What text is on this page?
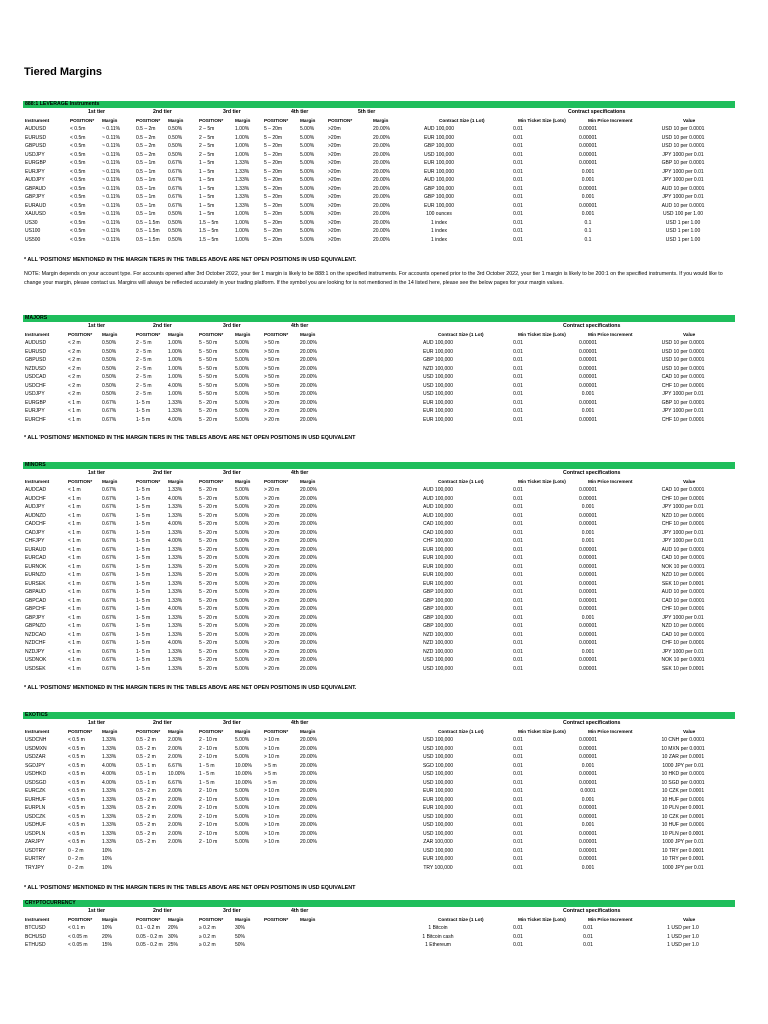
Tiered Margins
888:1 LEVERAGE Instruments
1st tier	2nd tier	3rd tier	4th tier	5th tier	Contract specifications
Instrument	POSITION* Margin	POSITION* Margin	POSITION*	Margin	POSITION*	Margin	POSITION*	Margin	Contract Size (1 Lot)	Min Ticket Size (Lots)	Min Price Increment	Value
AUDUSD	< 0.5m	~ 0.11%	0.5 – 2m	0.50%	2 – 5m	1.00%	5 – 20m	5.00%	>20m	20.00%	AUD 100,000	0.01	0.00001	USD 10 per 0.0001
EURUSD	< 0.5m	~ 0.11%	0.5 – 2m	0.50%	2 – 5m	1.00%	5 – 20m	5.00%	>20m	20.00%	EUR 100,000	0.01	0.00001	USD 10 per 0.0001
GBPUSD	< 0.5m	~ 0.11%	0.5 – 2m	0.50%	2 – 5m	1.00%	5 – 20m	5.00%	>20m	20.00%	GBP 100,000	0.01	0.00001	USD 10 per 0.0001
USDJPY	< 0.5m	~ 0.11%	0.5 – 2m	0.50%	2 – 5m	1.00%	5 – 20m	5.00%	>20m	20.00%	USD 100,000	0.01	0.00001	JPY 1000 per 0.01
EURGBP	< 0.5m	~ 0.11%	0.5 – 1m	0.67%	1 – 5m	1.33%	5 – 20m	5.00%	>20m	20.00%	EUR 100,000	0.01	0.00001	GBP 10 per 0.0001
EURJPY	< 0.5m	~ 0.11%	0.5 – 1m	0.67%	1 – 5m	1.33%	5 – 20m	5.00%	>20m	20.00%	EUR 100,000	0.01	0.001	JPY 1000 per 0.01
AUDJPY	< 0.5m	~ 0.11%	0.5 – 1m	0.67%	1 – 5m	1.33%	5 – 20m	5.00%	>20m	20.00%	AUD 100,000	0.01	0.001	JPY 1000 per 0.01
GBPAUD	< 0.5m	~ 0.11%	0.5 – 1m	0.67%	1 – 5m	1.33%	5 – 20m	5.00%	>20m	20.00%	GBP 100,000	0.01	0.00001	AUD 10 per 0.0001
GBPJPY	< 0.5m	~ 0.11%	0.5 – 1m	0.67%	1 – 5m	1.33%	5 – 20m	5.00%	>20m	20.00%	GBP 100,000	0.01	0.001	JPY 1000 per 0.01
EURAUD	< 0.5m	~ 0.11%	0.5 – 1m	0.67%	1 – 5m	1.33%	5 – 20m	5.00%	>20m	20.00%	EUR 100,000	0.01	0.00001	AUD 10 per 0.0001
XAUUSD	< 0.5m	~ 0.11%	0.5 – 1m	0.50%	1 – 5m	1.00%	5 – 20m	5.00%	>20m	20.00%	100 ounces	0.01	0.001	USD 100 per 1.00
US30	< 0.5m	~ 0.11%	0.5 – 1.5m 0.50%	1.5 – 5m	1.00%	5 – 20m	5.00%	>20m	20.00%	1 index	0.01	0.1	USD 1 per 1.00
US100	< 0.5m	~ 0.11%	0.5 – 1.5m 0.50%	1.5 – 5m	1.00%	5 – 20m	5.00%	>20m	20.00%	1 index	0.01	0.1	USD 1 per 1.00
US500	< 0.5m	~ 0.11%	0.5 – 1.5m 0.50%	1.5 – 5m	1.00%	5 – 20m	5.00%	>20m	20.00%	1 index	0.01	0.1	USD 1 per 1.00
* ALL 'POSITIONS' MENTIONED IN THE MARGIN TIERS IN THE TABLES ABOVE ARE NET OPEN POSITIONS IN USD EQUIVALENT.
MAJORS
1st tier	2nd tier	3rd tier	4th tier	Contract specifications
Instrument	POSITION* Margin	POSITION* Margin	POSITION*	Margin	POSITION*	Margin	Contract Size (1 Lot)	Min Ticket Size (Lots)	Min Price Increment	Value
AUDUSD	< 2 m	0.50%	2 - 5 m	1.00%	5 - 50 m	5.00%	> 50 m	20.00%	AUD 100,000	0.01	0.00001	USD 10 per 0.0001
EURUSD	< 2 m	0.50%	2 - 5 m	1.00%	5 - 50 m	5.00%	> 50 m	20.00%	EUR 100,000	0.01	0.00001	USD 10 per 0.0001
GBPUSD	< 2 m	0.50%	2 - 5 m	1.00%	5 - 50 m	5.00%	> 50 m	20.00%	GBP 100,000	0.01	0.00001	USD 10 per 0.0001
NZDUSD	< 2 m	0.50%	2 - 5 m	1.00%	5 - 50 m	5.00%	> 50 m	20.00%	NZD 100,000	0.01	0.00001	USD 10 per 0.0001
USDCAD	< 2 m	0.50%	2 - 5 m	1.00%	5 - 50 m	5.00%	> 50 m	20.00%	USD 100,000	0.01	0.00001	CAD 10 per 0.0001
USDCHF	< 2 m	0.50%	2 - 5 m	4.00%	5 - 50 m	5.00%	> 50 m	20.00%	USD 100,000	0.01	0.00001	CHF 10 per 0.0001
USDJPY	< 2 m	0.50%	2 - 5 m	1.00%	5 - 50 m	5.00%	> 50 m	20.00%	USD 100,000	0.01	0.001	JPY 1000 per 0.01
EURGBP	< 1 m	0.67%	1- 5 m	1.33%	5 - 20 m	5.00%	> 20 m	20.00%	EUR 100,000	0.01	0.00001	GBP 10 per 0.0001
EURJPY	< 1 m	0.67%	1- 5 m	1.33%	5 - 20 m	5.00%	> 20 m	20.00%	EUR 100,000	0.01	0.001	JPY 1000 per 0.01
EURCHF	< 1 m	0.67%	1- 5 m	4.00%	5 - 20 m	5.00%	> 20 m	20.00%	EUR 100,000	0.01	0.00001	CHF 10 per 0.0001
* ALL 'POSITIONS' MENTIONED IN THE MARGIN TIERS IN THE TABLES ABOVE ARE NET OPEN POSITIONS IN USD EQUIVALENT
MINORS
1st tier	2nd tier	3rd tier	4th tier	Contract specifications
Instrument	POSITION* Margin	POSITION* Margin	POSITION*	Margin	POSITION*	Margin	Contract Size (1 Lot)	Min Ticket Size (Lots)	Min Price Increment	Value
AUDCAD	< 1 m	0.67%	1- 5 m	1.33%	5 - 20 m	5.00%	> 20 m	20.00%	AUD 100,000	0.01	0.00001	CAD 10 per 0.0001
AUDCHF	< 1 m	0.67%	1- 5 m	4.00%	5 - 20 m	5.00%	> 20 m	20.00%	AUD 100,000	0.01	0.00001	CHF 10 per 0.0001
AUDJPY	< 1 m	0.67%	1- 5 m	1.33%	5 - 20 m	5.00%	> 20 m	20.00%	AUD 100,000	0.01	0.001	JPY 1000 per 0.01
AUDNZD	< 1 m	0.67%	1- 5 m	1.33%	5 - 20 m	5.00%	> 20 m	20.00%	AUD 100,000	0.01	0.00001	NZD 10 per 0.0001
CADCHF	< 1 m	0.67%	1- 5 m	4.00%	5 - 20 m	5.00%	> 20 m	20.00%	CAD 100,000	0.01	0.00001	CHF 10 per 0.0001
CADJPY	< 1 m	0.67%	1- 5 m	1.33%	5 - 20 m	5.00%	> 20 m	20.00%	CAD 100,000	0.01	0.001	JPY 1000 per 0.01
CHFJPY	< 1 m	0.67%	1- 5 m	4.00%	5 - 20 m	5.00%	> 20 m	20.00%	CHF 100,000	0.01	0.001	JPY 1000 per 0.01
EURAUD	< 1 m	0.67%	1- 5 m	1.33%	5 - 20 m	5.00%	> 20 m	20.00%	EUR 100,000	0.01	0.00001	AUD 10 per 0.0001
EURCAD	< 1 m	0.67%	1- 5 m	1.33%	5 - 20 m	5.00%	> 20 m	20.00%	EUR 100,000	0.01	0.00001	CAD 10 per 0.0001
EURNOK	< 1 m	0.67%	1- 5 m	1.33%	5 - 20 m	5.00%	> 20 m	20.00%	EUR 100,000	0.01	0.00001	NOK 10 per 0.0001
EURNZD	< 1 m	0.67%	1- 5 m	1.33%	5 - 20 m	5.00%	> 20 m	20.00%	EUR 100,000	0.01	0.00001	NZD 10 per 0.0001
EURSEK	< 1 m	0.67%	1- 5 m	1.33%	5 - 20 m	5.00%	> 20 m	20.00%	EUR 100,000	0.01	0.00001	SEK 10 per 0.0001
GBPAUD	< 1 m	0.67%	1- 5 m	1.33%	5 - 20 m	5.00%	> 20 m	20.00%	GBP 100,000	0.01	0.00001	AUD 10 per 0.0001
GBPCAD	< 1 m	0.67%	1- 5 m	1.33%	5 - 20 m	5.00%	> 20 m	20.00%	GBP 100,000	0.01	0.00001	CAD 10 per 0.0001
GBPCHF	< 1 m	0.67%	1- 5 m	4.00%	5 - 20 m	5.00%	> 20 m	20.00%	GBP 100,000	0.01	0.00001	CHF 10 per 0.0001
GBPJPY	< 1 m	0.67%	1- 5 m	1.33%	5 - 20 m	5.00%	> 20 m	20.00%	GBP 100,000	0.01	0.001	JPY 1000 per 0.01
GBPNZD	< 1 m	0.67%	1- 5 m	1.33%	5 - 20 m	5.00%	> 20 m	20.00%	GBP 100,000	0.01	0.00001	NZD 10 per 0.0001
NZDCAD	< 1 m	0.67%	1- 5 m	1.33%	5 - 20 m	5.00%	> 20 m	20.00%	NZD 100,000	0.01	0.00001	CAD 10 per 0.0001
NZDCHF	< 1 m	0.67%	1- 5 m	4.00%	5 - 20 m	5.00%	> 20 m	20.00%	NZD 100,000	0.01	0.00001	CHF 10 per 0.0001
NZDJPY	< 1 m	0.67%	1- 5 m	1.33%	5 - 20 m	5.00%	> 20 m	20.00%	NZD 100,000	0.01	0.001	JPY 1000 per 0.01
USDNOK	< 1 m	0.67%	1- 5 m	1.33%	5 - 20 m	5.00%	> 20 m	20.00%	USD 100,000	0.01	0.00001	NOK 10 per 0.0001
USDSEK	< 1 m	0.67%	1- 5 m	1.33%	5 - 20 m	5.00%	> 20 m	20.00%	USD 100,000	0.01	0.00001	SEK 10 per 0.0001
* ALL 'POSITIONS' MENTIONED IN THE MARGIN TIERS IN THE TABLES ABOVE ARE NET OPEN POSITIONS IN USD EQUIVALENT.
EXOTICS
1st tier	2nd tier	3rd tier	4th tier	Contract specifications
Instrument	POSITION* Margin	POSITION* Margin	POSITION*	Margin	POSITION*	Margin	Contract Size (1 Lot)	Min Ticket Size (Lots)	Min Price Increment	Value
USDCNH	< 0.5 m	1.33%	0.5 - 2 m 2.00%	2 - 10 m	5.00%	> 10 m	20.00%	USD 100,000	0.01	0.00001	10 CNH per 0.0001
USDMXN	< 0.5 m	1.33%	0.5 - 2 m 2.00%	2 - 10 m	5.00%	> 10 m	20.00%	USD 100,000	0.01	0.00001	10 MXN per 0.0001
USDZAR	< 0.5 m	1.33%	0.5 - 2 m 2.00%	2 - 10 m	5.00%	> 10 m	20.00%	USD 100,000	0.01	0.00001	10 ZAR per 0.0001
SGDJPY	< 0.5 m	4.00%	0.5 - 1 m 6.67%	1 - 5 m	10.00% > 5 m	20.00%	SGD 100,000	0.01	0.001	1000 JPY per 0.01
USDHKD	< 0.5 m	4.00%	0.5 - 1 m 10.00%	1 - 5 m	10.00% > 5 m	20.00%	USD 100,000	0.01	0.00001	10 HKD per 0.0001
USDSGD	< 0.5 m	4.00%	0.5 - 1 m 6.67%	1 - 5 m	10.00% > 5 m	20.00%	USD 100,000	0.01	0.00001	10 SGD per 0.0001
EURCZK	< 0.5 m	1.33%	0.5 - 2 m 2.00%	2 - 10 m	5.00%	> 10 m	20.00%	EUR 100,000	0.01	0.0001	10 CZK per 0.0001
EURHUF	< 0.5 m	1.33%	0.5 - 2 m 2.00%	2 - 10 m	5.00%	> 10 m	20.00%	EUR 100,000	0.01	0.001	10 HUF per 0.0001
EURPLN	< 0.5 m	1.33%	0.5 - 2 m 2.00%	2 - 10 m	5.00%	> 10 m	20.00%	EUR 100,000	0.01	0.00001	10 PLN per 0.0001
USDCZK	< 0.5 m	1.33%	0.5 - 2 m 2.00%	2 - 10 m	5.00%	> 10 m	20.00%	USD 100,000	0.01	0.00001	10 CZK per 0.0001
USDHUF	< 0.5 m	1.33%	0.5 - 2 m 2.00%	2 - 10 m	5.00%	> 10 m	20.00%	USD 100,000	0.01	0.001	10 HUF per 0.0001
USDPLN	< 0.5 m	1.33%	0.5 - 2 m 2.00%	2 - 10 m	5.00%	> 10 m	20.00%	USD 100,000	0.01	0.00001	10 PLN per 0.0001
ZARJPY	< 0.5 m	1.33%	0.5 - 2 m 2.00%	2 - 10 m	5.00%	> 10 m	20.00%	ZAR 100,000	0.01	0.00001	1000 JPY per 0.01
USDTRY	0 - 2 m	10%	USD 100,000	0.01	0.00001	10 TRY per 0.0001
EURTRY	0 - 2 m	10%	EUR 100,000	0.01	0.00001	10 TRY per 0.0001
TRYJPY	0 - 2 m	10%	TRY 100,000	0.01	0.001	1000 JPY per 0.01
* ALL 'POSITIONS' MENTIONED IN THE MARGIN TIERS IN THE TABLES ABOVE ARE NET OPEN POSITIONS IN USD EQUIVALENT
CRYPTOCURRENCY
1st tier	2nd tier	3rd tier	4th tier	Contract specifications
Instrument	POSITION* Margin	POSITION* Margin	POSITION*	Margin	POSITION*	Margin	Contract Size (1 Lot)	Min Ticket Size (Lots)	Min Price Increment	Value
BTCUSD	< 0.1 m	10%	0.1 - 0.2 m 20%	≥ 0.2 m	30%	1 Bitcoin	0.01	0.01	1 USD per 1.0
BCHUSD	< 0.05 m	20%	0.05 - 0.2 m 30%	≥ 0.2 m	50%	1 Bitcoin cash	0.01	0.01	1 USD per 1.0
ETHUSD	< 0.05 m	15%	0.05 - 0.2 m 25%	≥ 0.2 m	50%	1 Ethereum	0.01	0.01	1 USD per 1.0
NOTE: Margin depends on your account type. For accounts opened after 3rd October 2022, your tier 1 margin is likely to be 888:1 on the specified instruments. For accounts opened prior to the 3rd October 2022, your tier 1 margin is likely to be 200:1 on the specified instruments. If you would like to change your margin, please contact us. Margins will always be reflected accurately in your trading platform. If the symbol you are looking for is not mentioned in the 14 listed here, please see the below pages for your margin values.
